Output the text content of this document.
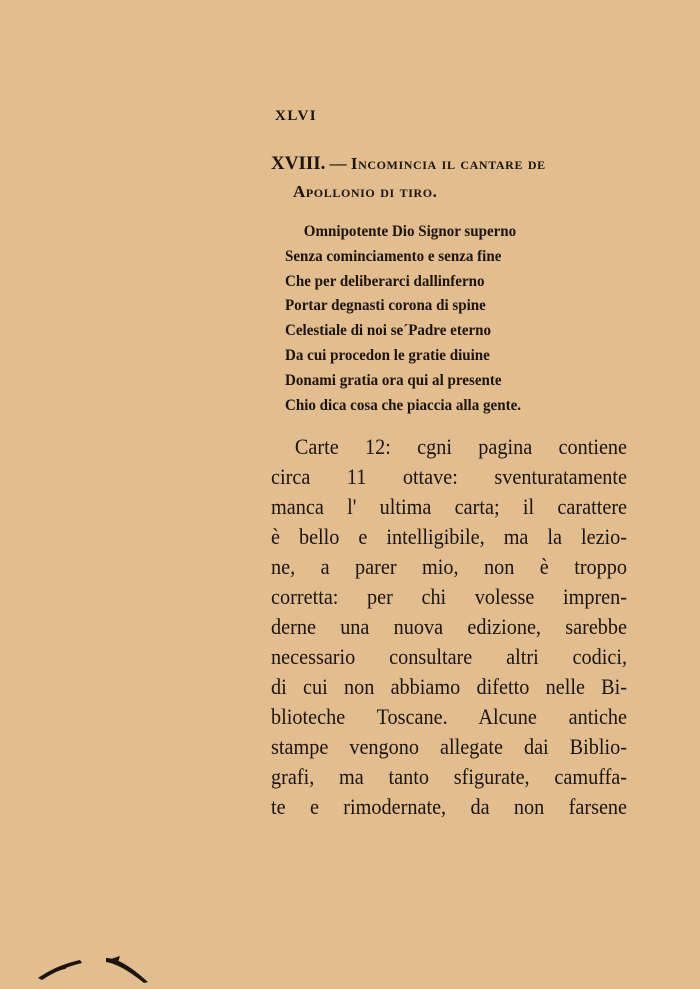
XLVI
XVIII. — Incomincia il cantare de
Apollonio di tiro.
Omnipotente Dio Signor superno
Senza cominciamento e senza fine
Che per deliberarci dallinferno
Portar degnasti corona di spine
Celestiale di noi se´Padre eterno
Da cui procedon le gratie diuine
Donami gratia ora qui al presente
Chio dica cosa che piaccia alla gente.
Carte 12: cgni pagina contiene
circa 11 ottave: sventuratamente
manca l' ultima carta; il carattere
è bello e intelligibile, ma la lezio-
ne, a parer mio, non è troppo
corretta: per chi volesse impren-
derne una nuova edizione, sarebbe
necessario consultare altri codici,
di cui non abbiamo difetto nelle Bi-
blioteche Toscane. Alcune antiche
stampe vengono allegate dai Biblio-
grafi, ma tanto sfigurate, camuffa-
te e rimodernate, da non farsene
